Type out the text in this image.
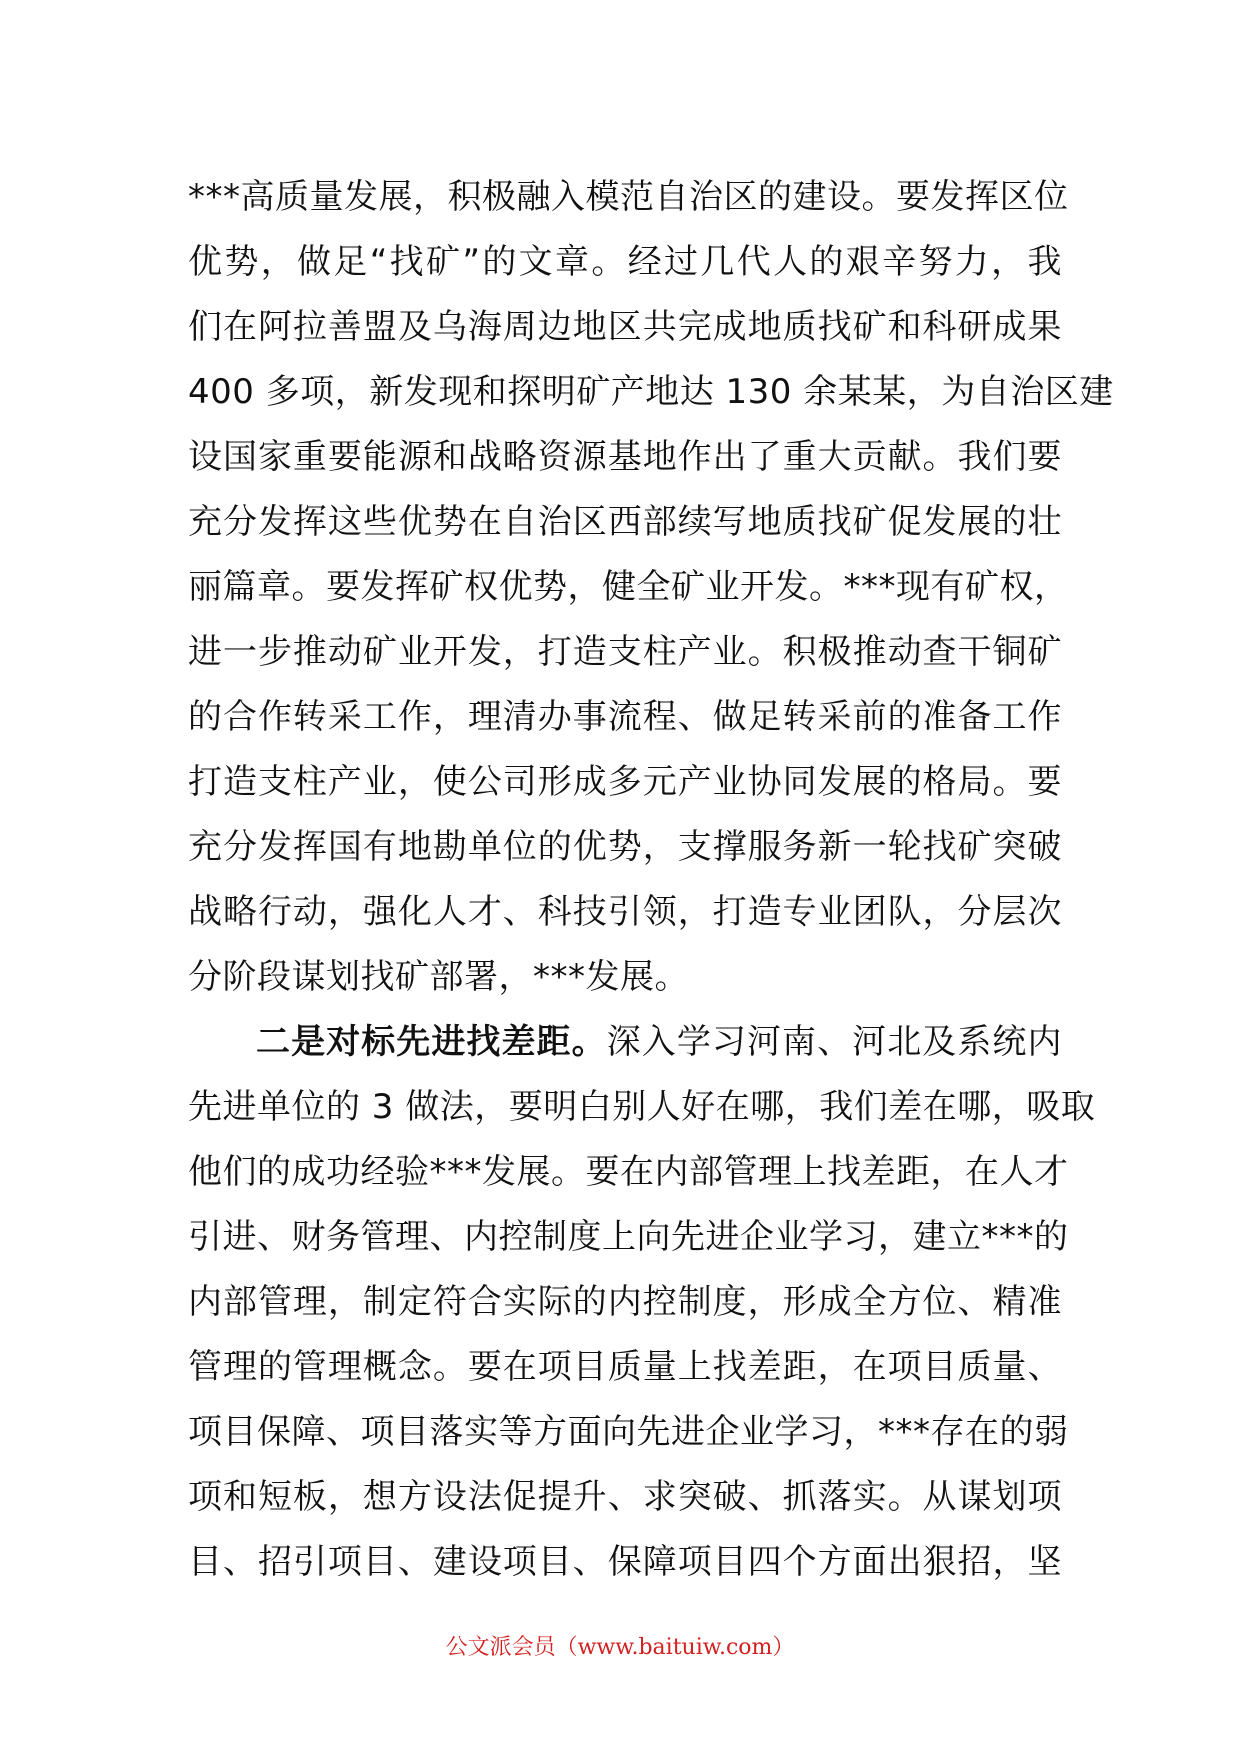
***高质量发展，积极融入模范自治区的建设。要发挥区位
优势，做足“找矿”的文章。经过几代人的艰辛努力，我
们在阿拉善盟及乌海周边地区共完成地质找矿和科研成果
400 多项，新发现和探明矿产地达 130 余某某，为自治区建
设国家重要能源和战略资源基地作出了重大贡献。我们要
充分发挥这些优势在自治区西部续写地质找矿促发展的壮
丽篇章。要发挥矿权优势，健全矿业开发。***现有矿权，
进一步推动矿业开发，打造支柱产业。积极推动查干铜矿
的合作转采工作，理清办事流程、做足转采前的准备工作
打造支柱产业，使公司形成多元产业协同发展的格局。要
充分发挥国有地勘单位的优势，支撑服务新一轮找矿突破
战略行动，强化人才、科技引领，打造专业团队，分层次
分阶段谋划找矿部署，***发展。
二是对标先进找差距。深入学习河南、河北及系统内
先进单位的 3 做法，要明白别人好在哪，我们差在哪，吸取
他们的成功经验***发展。要在内部管理上找差距，在人才
引进、财务管理、内控制度上向先进企业学习，建立***的
内部管理，制定符合实际的内控制度，形成全方位、精准
管理的管理概念。要在项目质量上找差距，在项目质量、
项目保障、项目落实等方面向先进企业学习，***存在的弱
项和短板，想方设法促提升、求突破、抓落实。从谋划项
目、招引项目、建设项目、保障项目四个方面出狠招，坚
公文派会员（www.baituiw.com）
